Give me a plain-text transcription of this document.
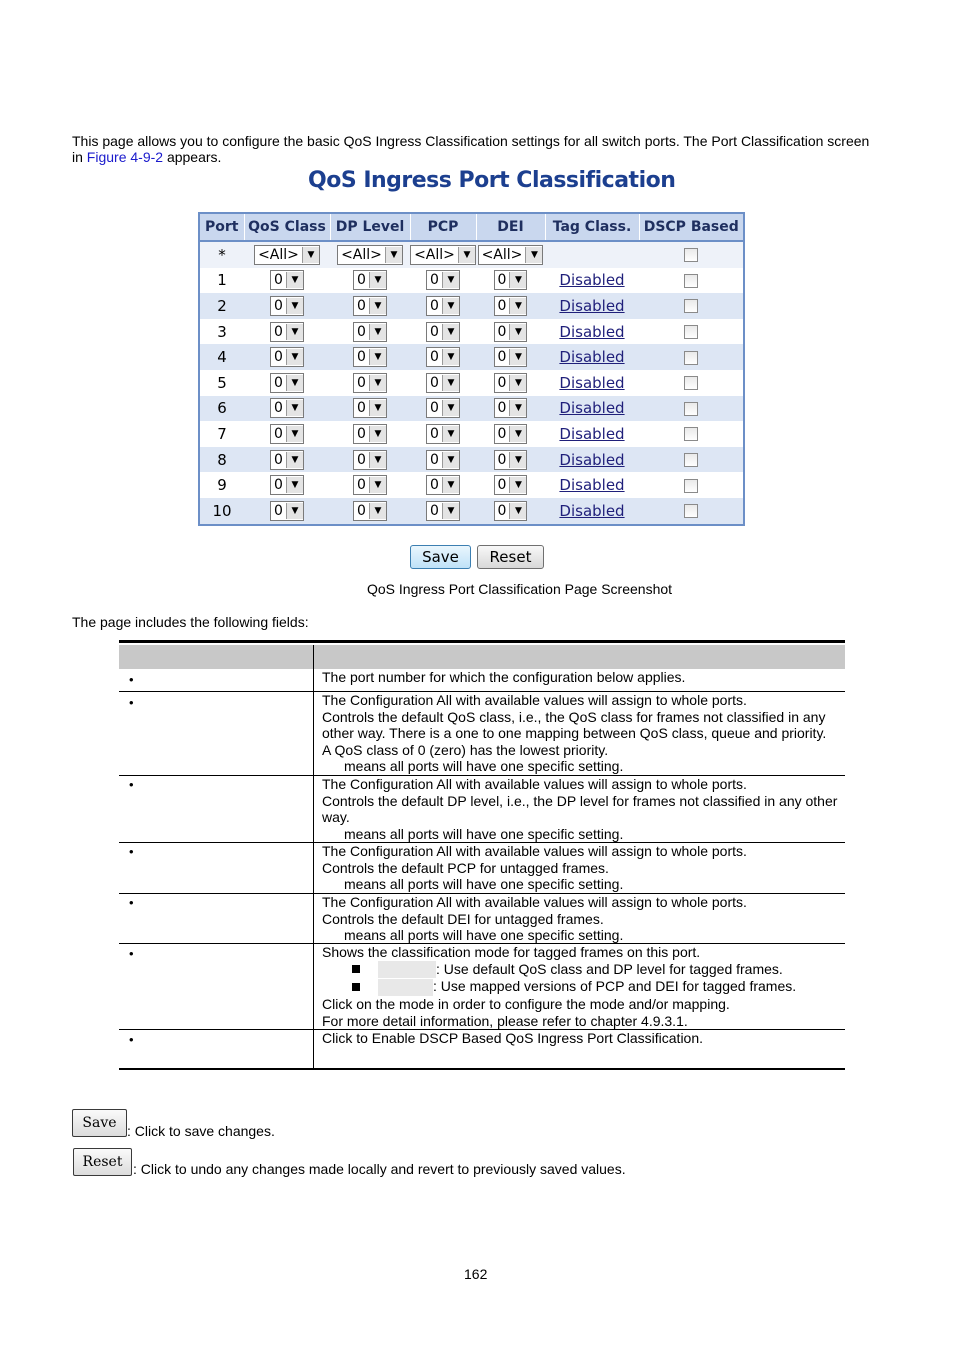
This page allows you to configure the basic QoS Ingress Classification settings for all switch ports. The Port Classification screen in Figure 4-9-2 appears.
QoS Ingress Port Classification
Port	QoS Class	DP Level	PCP	DEI	Tag Class.	DSCP Based
*	<All> ▼	<All> ▼	<All> ▼	<All> ▼		

1	0 ▼	0 ▼	0 ▼	0 ▼	Disabled	
2	0 ▼	0 ▼	0 ▼	0 ▼	Disabled	
3	0 ▼	0 ▼	0 ▼	0 ▼	Disabled	
4	0 ▼	0 ▼	0 ▼	0 ▼	Disabled	
5	0 ▼	0 ▼	0 ▼	0 ▼	Disabled	
6	0 ▼	0 ▼	0 ▼	0 ▼	Disabled	
7	0 ▼	0 ▼	0 ▼	0 ▼	Disabled	
8	0 ▼	0 ▼	0 ▼	0 ▼	Disabled	
9	0 ▼	0 ▼	0 ▼	0 ▼	Disabled	
10	0 ▼	0 ▼	0 ▼	0 ▼	Disabled	
Save	Reset
QoS Ingress Port Classification Page Screenshot
The page includes the following fields:
•	The port number for which the configuration below applies.
•	The Configuration All with available values will assign to whole ports.
Controls the default QoS class, i.e., the QoS class for frames not classified in any other way. There is a one to one mapping between QoS class, queue and priority.
A QoS class of 0 (zero) has the lowest priority.
means all ports will have one specific setting.
•	The Configuration All with available values will assign to whole ports.
Controls the default DP level, i.e., the DP level for frames not classified in any other way.
means all ports will have one specific setting.
•	The Configuration All with available values will assign to whole ports.
Controls the default PCP for untagged frames.
means all ports will have one specific setting.
•	The Configuration All with available values will assign to whole ports.
Controls the default DEI for untagged frames.
means all ports will have one specific setting.
•	Shows the classification mode for tagged frames on this port.
: Use default QoS class and DP level for tagged frames.
: Use mapped versions of PCP and DEI for tagged frames.
Click on the mode in order to configure the mode and/or mapping.
For more detail information, please refer to chapter 4.9.3.1.
•	Click to Enable DSCP Based QoS Ingress Port Classification.
Save : Click to save changes.
Reset : Click to undo any changes made locally and revert to previously saved values.
162
